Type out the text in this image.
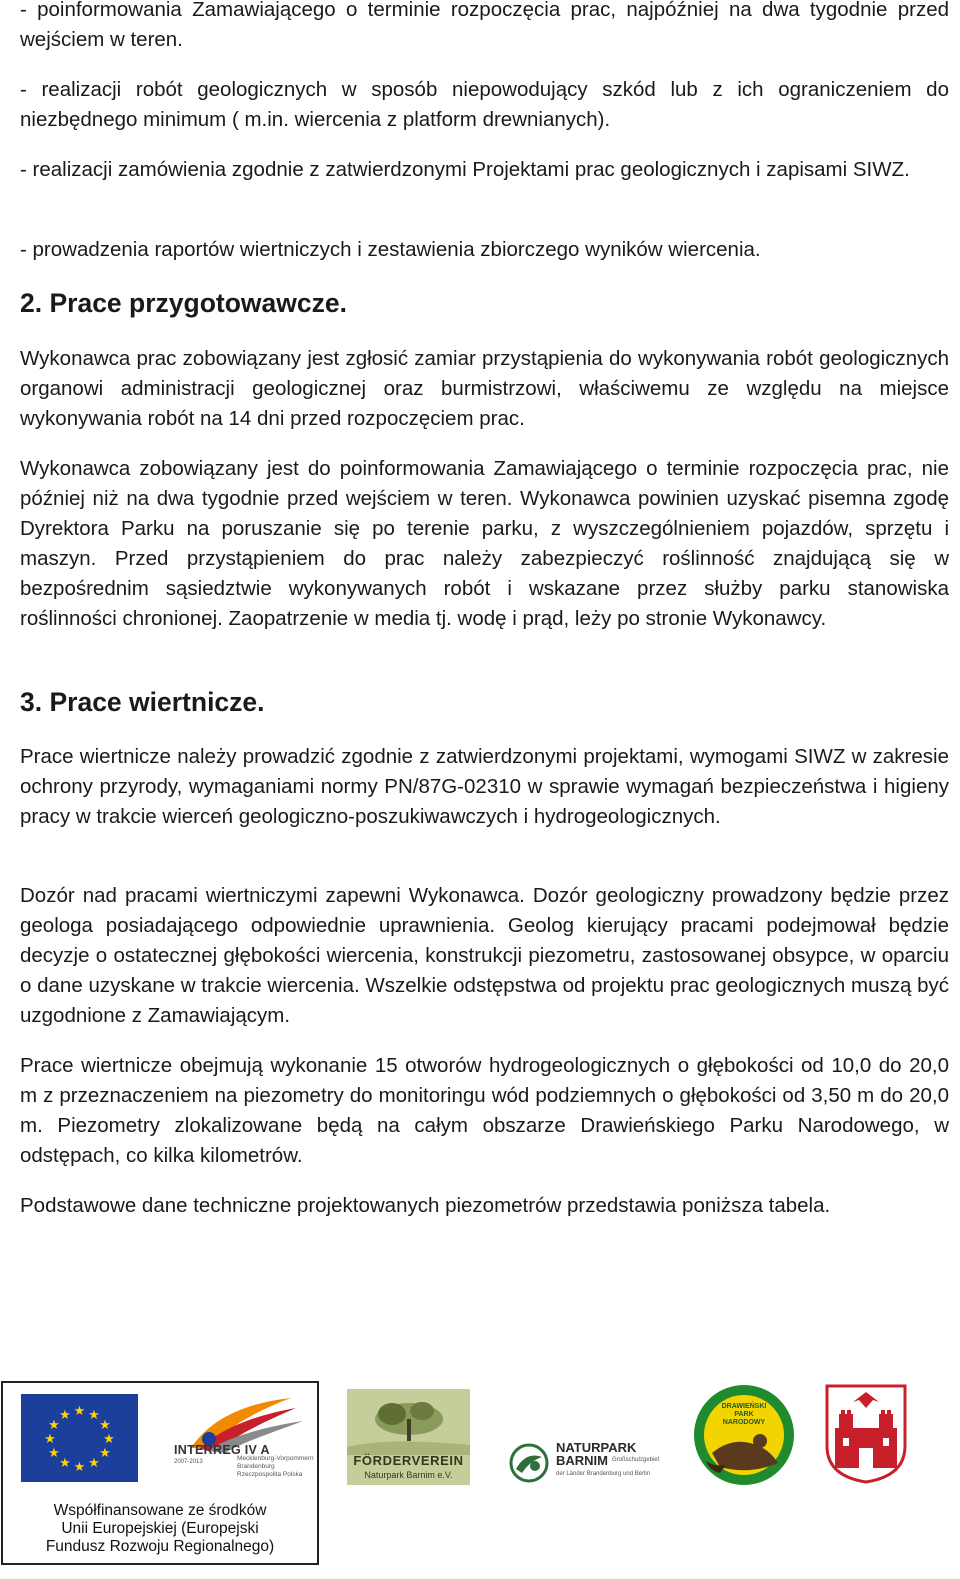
- poinformowania Zamawiającego o terminie rozpoczęcia prac, najpóźniej na dwa tygodnie przed wejściem w teren.

- realizacji robót geologicznych w sposób niepowodujący szkód lub z ich ograniczeniem do niezbędnego minimum ( m.in. wiercenia z platform drewnianych).

- realizacji zamówienia zgodnie z zatwierdzonymi Projektami prac geologicznych i zapisami SIWZ.

- prowadzenia raportów wiertniczych i zestawienia zbiorczego wyników wiercenia.

2. Prace przygotowawcze.

Wykonawca prac zobowiązany jest zgłosić zamiar przystąpienia do wykonywania robót geologicznych organowi administracji geologicznej oraz burmistrzowi, właściwemu ze względu na miejsce wykonywania robót na 14 dni przed rozpoczęciem prac.

Wykonawca zobowiązany jest do poinformowania Zamawiającego o terminie rozpoczęcia prac, nie później niż na dwa tygodnie przed wejściem w teren. Wykonawca powinien uzyskać pisemna zgodę Dyrektora Parku na poruszanie się po terenie parku, z wyszczególnieniem pojazdów, sprzętu i maszyn. Przed przystąpieniem do prac należy zabezpieczyć roślinność znajdującą się w bezpośrednim sąsiedztwie wykonywanych robót i wskazane przez służby parku stanowiska roślinności chronionej. Zaopatrzenie w media tj. wodę i prąd, leży po stronie Wykonawcy.

3. Prace wiertnicze.

Prace wiertnicze należy prowadzić zgodnie z zatwierdzonymi projektami, wymogami SIWZ w zakresie ochrony przyrody, wymaganiami normy PN/87G-02310 w sprawie wymagań bezpieczeństwa i higieny pracy w trakcie wierceń geologiczno-poszukiwawczych i hydrogeologicznych.

Dozór nad pracami wiertniczymi zapewni Wykonawca. Dozór geologiczny prowadzony będzie przez geologa posiadającego odpowiednie uprawnienia. Geolog kierujący pracami podejmował będzie decyzje o ostatecznej głębokości wiercenia, konstrukcji piezometru, zastosowanej obsypce, w oparciu o dane uzyskane w trakcie wiercenia. Wszelkie odstępstwa od projektu prac geologicznych muszą być uzgodnione z Zamawiającym.

Prace wiertnicze obejmują wykonanie 15 otworów hydrogeologicznych o głębokości od 10,0 do 20,0 m z przeznaczeniem na piezometry do monitoringu wód podziemnych o głębokości od 3,50 m do 20,0 m. Piezometry zlokalizowane będą na całym obszarze Drawieńskiego Parku Narodowego, w odstępach, co kilka kilometrów.

Podstawowe dane techniczne projektowanych piezometrów przedstawia poniższa tabela.

★ ★
★
★
★
★
★
★
★
★
★
★
INTERREG IV A
2007-2013	Mecklenburg-Vorpommern
Brandenburg
Rzeczpospolita Polska
Współfinansowane ze środków
Unii Europejskiej (Europejski
Fundusz Rozwoju Regionalnego)
FÖRDERVEREIN
Naturpark Barnim e.V.
NATURPARK
BARNIM Großschutzgebiet
der Länder Brandenburg und Berlin
DRAWIEŃSKI
PARK
NARODOWY
